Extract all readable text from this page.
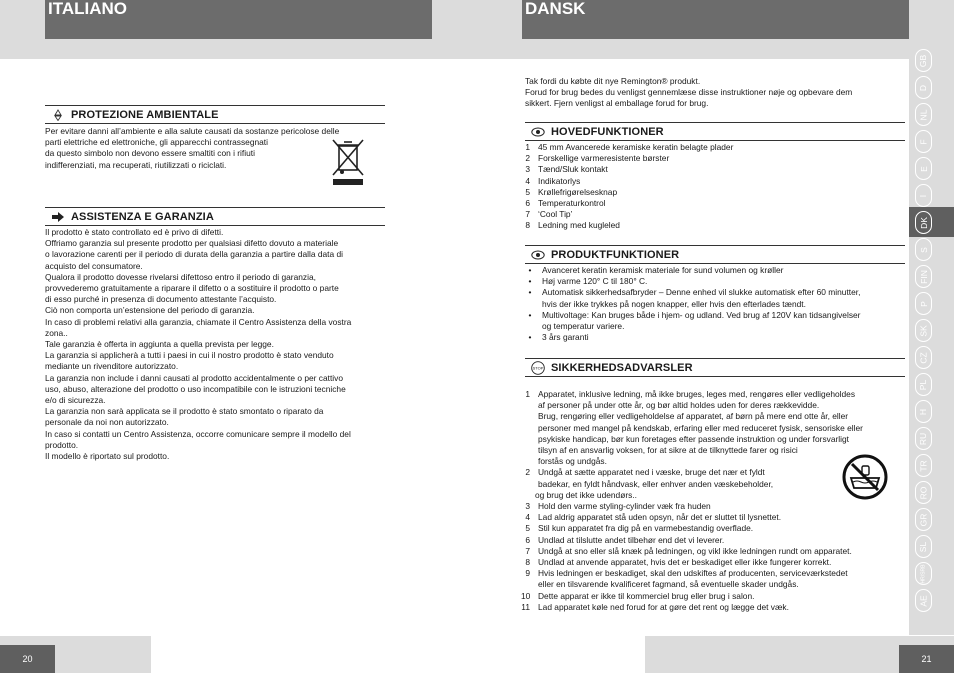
ITALIANO	DANSK
20	21
PROTEZIONE AMBIENTALE
Per evitare danni all’ambiente e alla salute causati da sostanze pericolose delle
parti elettriche ed elettroniche, gli apparecchi contrassegnati
da questo simbolo non devono essere smaltiti con i rifiuti
indifferenziati, ma recuperati, riutilizzati o riciclati.
ASSISTENZA E GARANZIA
Il prodotto è stato controllato ed è privo di difetti.
Offriamo garanzia sul presente prodotto per qualsiasi difetto dovuto a materiale
o lavorazione carenti per il periodo di durata della garanzia a partire dalla data di
acquisto del consumatore.
Qualora il prodotto dovesse rivelarsi difettoso entro il periodo di garanzia,
provvederemo gratuitamente a riparare il difetto o a sostituire il prodotto o parte
di esso purché in presenza di documento attestante l’acquisto.
Ciò non comporta un’estensione del periodo di garanzia.
In caso di problemi relativi alla garanzia, chiamate il Centro Assistenza della vostra
zona..
Tale garanzia è offerta in aggiunta a quella prevista per legge.
La garanzia si applicherà a tutti i paesi in cui il nostro prodotto è stato venduto
mediante un rivenditore autorizzato.
La garanzia non include i danni causati al prodotto accidentalmente o per cattivo
uso, abuso, alterazione del prodotto o uso incompatibile con le istruzioni tecniche
e/o di sicurezza.
La garanzia non sarà applicata se il prodotto è stato smontato o riparato da
personale da noi non autorizzato.
In caso si contatti un Centro Assistenza, occorre comunicare sempre il modello del
prodotto.
Il modello è riportato sul prodotto.
Tak fordi du købte dit nye Remington® produkt.
Forud for brug bedes du venligst gennemlæse disse instruktioner nøje og opbevare dem
sikkert. Fjern venligst al emballage forud for brug.
HOVEDFUNKTIONER
1 45 mm Avancerede keramiske keratin belagte plader
2 Forskellige varmeresistente børster
3 Tænd/Sluk kontakt
4 Indikatorlys
5 Krøllefrigørelsesknap
6 Temperaturkontrol
7 ‘Cool Tip’
8 Ledning med kugleled
PRODUKTFUNKTIONER
•	Avanceret keratin keramisk materiale for sund volumen og krøller
•	Høj varme 120° C til 180° C.
•	Automatisk sikkerhedsafbryder – Denne enhed vil slukke automatisk efter 60 minutter,
hvis der ikke trykkes på nogen knapper, eller hvis den efterlades tændt.
•	Multivoltage: Kan bruges både i hjem- og udland. Ved brug af 120V kan tidsangivelser
og temperatur variere.
•	3 års garanti
STOP SIKKERHEDSADVARSLER
1 Apparatet, inklusive ledning, må ikke bruges, leges med, rengøres eller vedligeholdes
af personer på under otte år, og bør altid holdes uden for deres rækkevidde.
Brug, rengøring eller vedligeholdelse af apparatet, af børn på mere end otte år, eller
personer med mangel på kendskab, erfaring eller med reduceret fysisk, sensoriske eller
psykiske handicap, bør kun foretages efter passende instruktion og under forsvarligt
tilsyn af en ansvarlig voksen, for at sikre at de tilknyttede farer og risici
forstås og undgås.
2 Undgå at sætte apparatet ned i væske, bruge det nær et fyldt
badekar, en fyldt håndvask, eller enhver anden væskebeholder,
og brug det ikke udendørs..
3 Hold den varme styling-cylinder væk fra huden
4 Lad aldrig apparatet stå uden opsyn, når det er sluttet til lysnettet.
5 Stil kun apparatet fra dig på en varmebestandig overflade.
6 Undlad at tilslutte andet tilbehør end det vi leverer.
7 Undgå at sno eller slå knæk på ledningen, og vikl ikke ledningen rundt om apparatet.
8 Undlad at anvende apparatet, hvis det er beskadiget eller ikke fungerer korrekt.
9 Hvis ledningen er beskadiget, skal den udskiftes af producenten, serviceværkstedet
eller en tilsvarende kvalificeret fagmand, så eventuelle skader undgås.
10 Dette apparat er ikke til kommerciel brug eller brug i salon.
11 Lad apparatet køle ned forud for at gøre det rent og lægge det væk.
GB
D
NL
F
E
I
DK
S
FIN
P
SK
CZ
PL
H
RU
TR
RO
GR
SL
HR/SRB
AE
